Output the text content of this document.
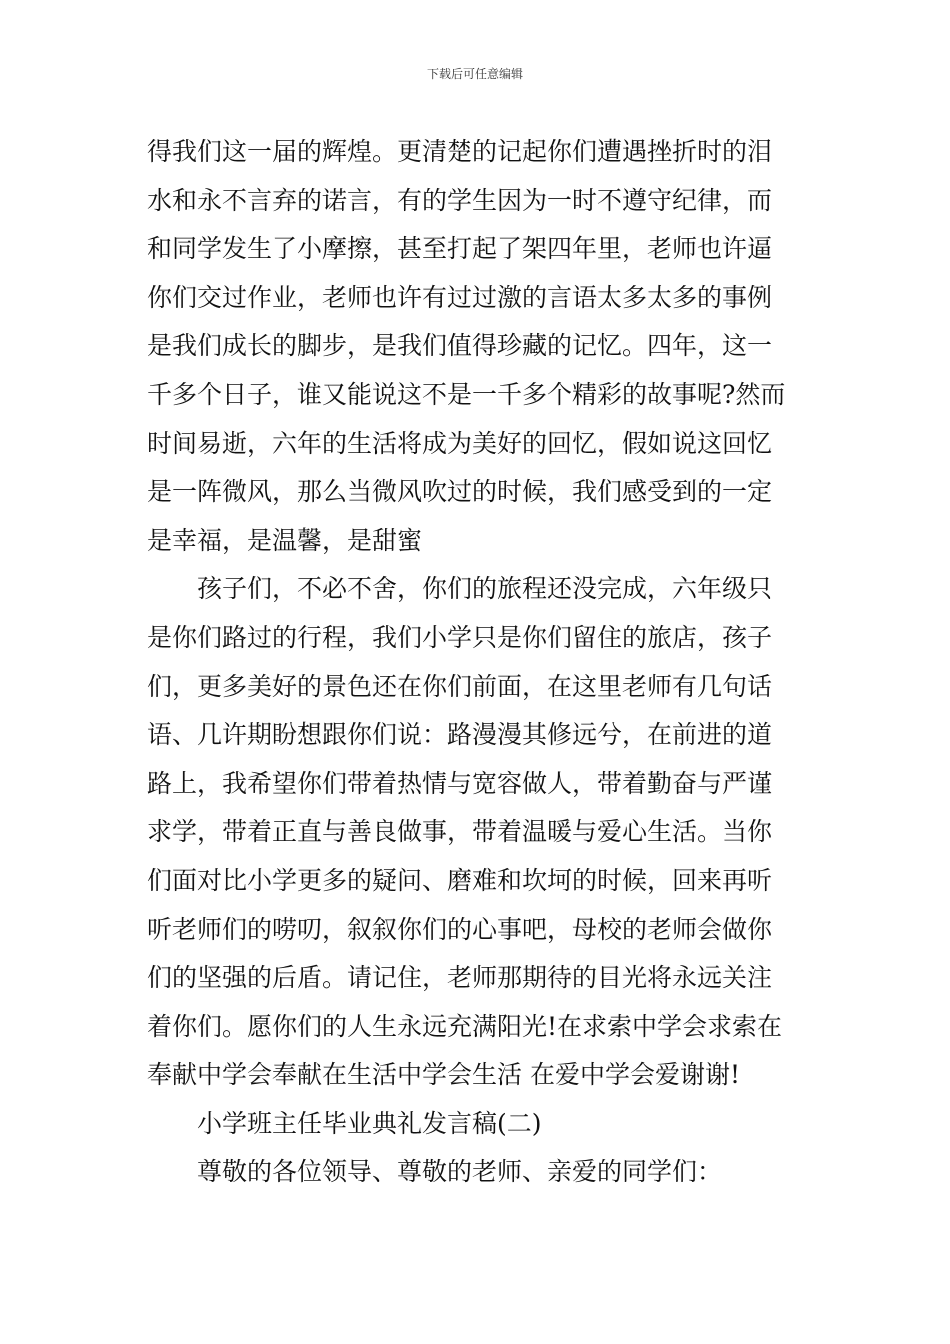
下载后可任意编辑
得我们这一届的辉煌。更清楚的记起你们遭遇挫折时的泪
水和永不言弃的诺言，有的学生因为一时不遵守纪律，而
和同学发生了小摩擦，甚至打起了架四年里，老师也许逼
你们交过作业，老师也许有过过激的言语太多太多的事例
是我们成长的脚步，是我们值得珍藏的记忆。四年，这一
千多个日子，谁又能说这不是一千多个精彩的故事呢?然而
时间易逝，六年的生活将成为美好的回忆，假如说这回忆
是一阵微风，那么当微风吹过的时候，我们感受到的一定
是幸福，是温馨，是甜蜜
孩子们，不必不舍，你们的旅程还没完成，六年级只
是你们路过的行程，我们小学只是你们留住的旅店，孩子
们，更多美好的景色还在你们前面，在这里老师有几句话
语、几许期盼想跟你们说：路漫漫其修远兮，在前进的道
路上，我希望你们带着热情与宽容做人，带着勤奋与严谨
求学，带着正直与善良做事，带着温暖与爱心生活。当你
们面对比小学更多的疑问、磨难和坎坷的时候，回来再听
听老师们的唠叨，叙叙你们的心事吧，母校的老师会做你
们的坚强的后盾。请记住，老师那期待的目光将永远关注
着你们。愿你们的人生永远充满阳光!在求索中学会求索在
奉献中学会奉献在生活中学会生活 在爱中学会爱谢谢!
小学班主任毕业典礼发言稿(二)
尊敬的各位领导、尊敬的老师、亲爱的同学们：
